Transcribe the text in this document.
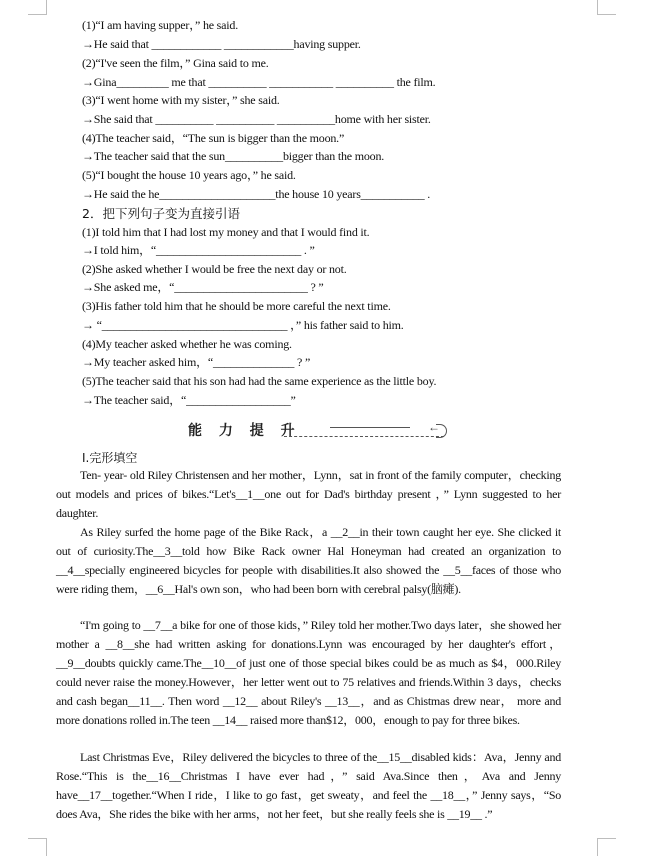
(1)“I am having supper，” he said.
→He said that ____________ ____________having supper.
(2)“I've seen the film，” Gina said to me.
→Gina_________ me that __________ ___________ __________ the film.
(3)“I went home with my sister，” she said.
→She said that __________ __________ __________home with her sister.
(4)The teacher said，“The sun is bigger than the moon.”
→The teacher said that the sun__________bigger than the moon.
(5)“I bought the house 10 years ago，” he said.
→He said the he____________________the house 10 years___________ .
2．把下列句子变为直接引语
(1)I told him that I had lost my money and that I would find it.
→I told him，“_________________________ . ”
(2)She asked whether I would be free the next day or not.
→She asked me，“_______________________ ? ”
(3)His father told him that he should be more careful the next time.
→ “________________________________ ，” his father said to him.
(4)My teacher asked whether he was coming.
→My teacher asked him，“______________ ? ”
(5)The teacher said that his son had had the same experience as the little boy.
→The teacher said，“__________________”
能 力 提 升	←
Ⅰ.完形填空
Ten- year- old Riley Christensen and her mother，Lynn，sat in front of the family computer，checking out models and prices of bikes.“Let's__1__one out for Dad's birthday present ，” Lynn suggested to her daughter.
As Riley surfed the home page of the Bike Rack，a __2__in their town caught her eye. She clicked it out of curiosity.The__3__told how Bike Rack owner Hal Honeyman had created an organization to __4__specially engineered bicycles for people with disabilities.It also showed the __5__faces of those who were riding them，__6__Hal's own son，who had been born with cerebral palsy(脑瘫).
“I'm going to __7__a bike for one of those kids，” Riley told her mother.Two days later，she showed her mother a __8__she had written asking for donations.Lynn was encouraged by her daughter's effort，__9__doubts quickly came.The__10__of just one of those special bikes could be as much as $4，000.Riley could never raise the money.However，her letter went out to 75 relatives and friends.Within 3 days，checks and cash began__11__. Then word __12__ about Riley's __13__，and as Chistmas drew near， more and more donations rolled in.The teen __14__ raised more than$12，000，enough to pay for three bikes.
Last Christmas Eve，Riley delivered the bicycles to three of the__15__disabled kids：Ava，Jenny and Rose.“This is the__16__Christmas I have ever had，” said Ava.Since then，Ava and Jenny have__17__together.“When I ride，I like to go fast，get sweaty，and feel the __18__，” Jenny says，“So does Ava，She rides the bike with her arms，not her feet，but she really feels she is __19__ .”
